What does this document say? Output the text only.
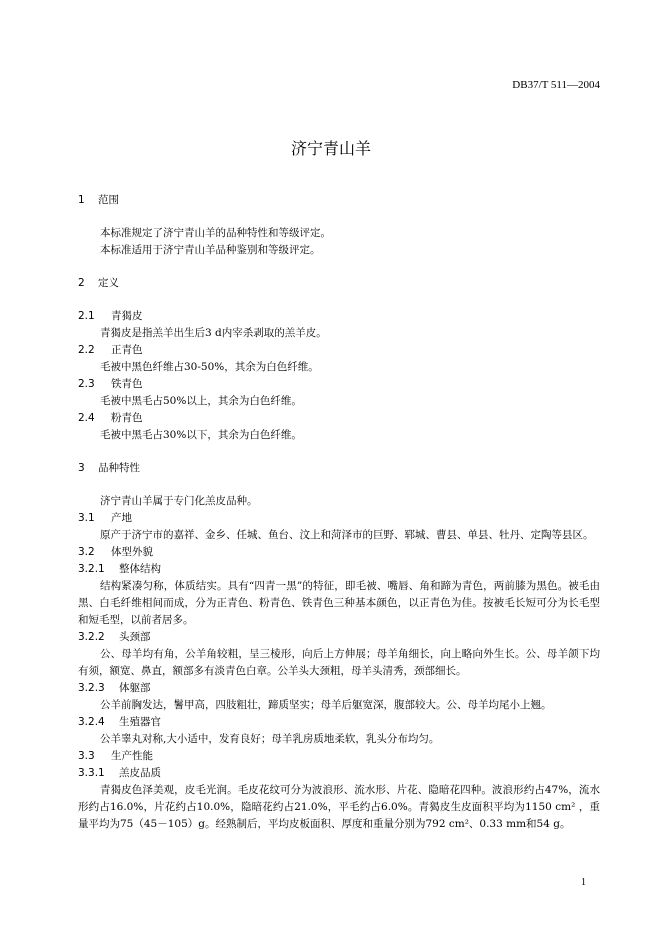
DB37/T 511—2004
济宁青山羊
1 范围

本标准规定了济宁青山羊的品种特性和等级评定。

本标准适用于济宁青山羊品种鉴别和等级评定。

2 定义
2.1 青猲皮

青猲皮是指羔羊出生后3 d内宰杀剥取的羔羊皮。

2.2 正青色

毛被中黑色纤维占30-50%，其余为白色纤维。

2.3 铁青色

毛被中黑毛占50%以上，其余为白色纤维。

2.4 粉青色

毛被中黑毛占30%以下，其余为白色纤维。

3 品种特性

济宁青山羊属于专门化羔皮品种。

3.1 产地

原产于济宁市的嘉祥、金乡、任城、鱼台、汶上和菏泽市的巨野、郓城、曹县、单县、牡丹、定陶等县区。

3.2 体型外貌
3.2.1 整体结构

结构紧凑匀称，体质结实。具有“四青一黑”的特征，即毛被、嘴唇、角和蹄为青色，两前膝为黑色。被毛由黑、白毛纤维相间而成，分为正青色、粉青色、铁青色三种基本颜色，以正青色为佳。按被毛长短可分为长毛型和短毛型，以前者居多。

3.2.2 头颈部

公、母羊均有角，公羊角较粗，呈三棱形，向后上方伸展；母羊角细长，向上略向外生长。公、母羊颌下均有须，额宽、鼻直，额部多有淡青色白章。公羊头大颈粗，母羊头清秀，颈部细长。

3.2.3 体躯部

公羊前胸发达，鬐甲高，四肢粗壮，蹄质坚实；母羊后躯宽深，腹部较大。公、母羊均尾小上翘。

3.2.4 生殖器官

公羊睾丸对称,大小适中，发育良好；母羊乳房质地柔软，乳头分布均匀。

3.3 生产性能
3.3.1 羔皮品质

青猲皮色泽美观，皮毛光润。毛皮花纹可分为波浪形、流水形、片花、隐暗花四种。波浪形约占47%，流水形约占16.0%，片花约占10.0%，隐暗花约占21.0%，平毛约占6.0%。青猲皮生皮面积平均为1150 cm² ，重量平均为75（45－105）g。经熟制后，平均皮板面积、厚度和重量分别为792 cm²、0.33 mm和54 g。

1
